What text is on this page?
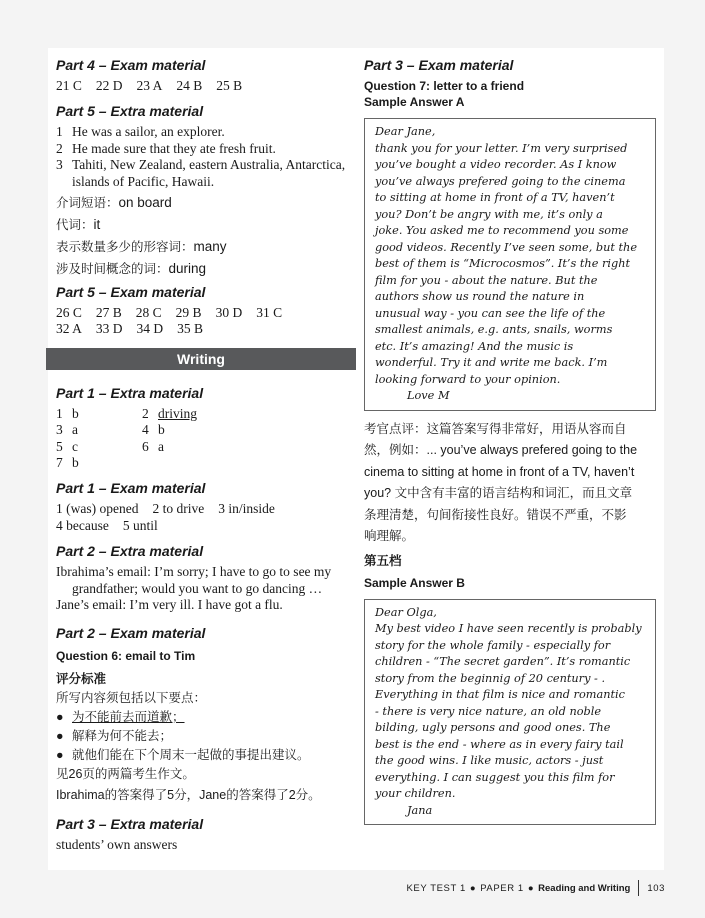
Part 4 – Exam material

21 C 22 D 23 A 24 B 25 B

Part 5 – Extra material

1 He was a sailor, an explorer.
2 He made sure that they ate fresh fruit.
3 Tahiti, New Zealand, eastern Australia, Antarctica, islands of Pacific, Hawaii.

介词短语：on board

代词：it

表示数量多少的形容词：many

涉及时间概念的词：during

Part 5 – Exam material

26 C 27 B 28 C 29 B 30 D 31 C
32 A 33 D 34 D 35 B
Writing

Part 1 – Extra material

1 b	2 driving
3 a	4 b
5 c	6 a
7 b

Part 1 – Exam material

1 (was) opened 2 to drive 3 in/inside
4 because 5 until

Part 2 – Extra material

Ibrahima’s email: I’m sorry; I have to go to see my grandfather; would you want to go dancing …

Jane’s email: I’m very ill. I have got a flu.

Part 2 – Exam material

Question 6: email to Tim

评分标准

所写内容须包括以下要点：

● 为不能前去而道歉；
● 解释为何不能去；
● 就他们能在下个周末一起做的事提出建议。

见26页的两篇考生作文。

Ibrahima的答案得了5分，Jane的答案得了2分。

Part 3 – Extra material

students’ own answers

Part 3 – Exam material

Question 7: letter to a friend

Sample Answer A

Dear Jane,

thank you for your letter. I’m very surprised

you’ve bought a video recorder. As I know

you’ve always prefered going to the cinema

to sitting at home in front of a TV, haven’t

you? Don’t be angry with me, it’s only a

joke. You asked me to recommend you some

good videos. Recently I’ve seen some, but the

best of them is “Microcosmos”. It’s the right

film for you - about the nature. But the

authors show us round the nature in

unusual way - you can see the life of the

smallest animals, e.g. ants, snails, worms

etc. It’s amazing! And the music is

wonderful. Try it and write me back. I’m

looking forward to your opinion.

Love M

考官点评：这篇答案写得非常好，用语从容而自

然，例如：... you’ve always prefered going to the

cinema to sitting at home in front of a TV, haven’t

you? 文中含有丰富的语言结构和词汇，而且文章

条理清楚，句间衔接性良好。错误不严重，不影

响理解。

第五档

Sample Answer B

Dear Olga,

My best video I have seen recently is probably

story for the whole family - especially for

children - “The secret garden”. It’s romantic

story from the beginnig of 20 century - .

Everything in that film is nice and romantic

- there is very nice nature, an old noble

bilding, ugly persons and good ones. The

best is the end - where as in every fairy tail

the good wins. I like music, actors - just

everything. I can suggest you this film for

your children.

Jana

KEY TEST 1 ● PAPER 1 ● Reading and Writing 103
